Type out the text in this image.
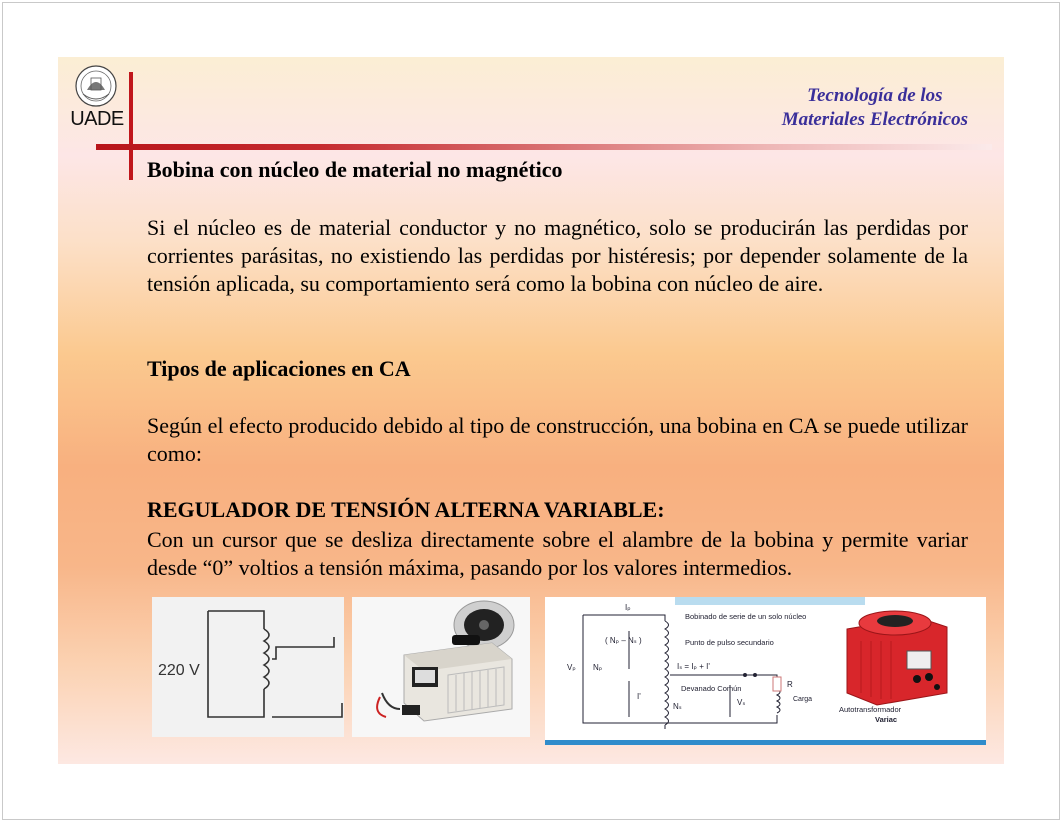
UADE
Tecnología de los
Materiales Electrónicos
Bobina con núcleo de material no magnético
Si el núcleo es de material conductor y no magnético, solo se producirán las perdidas por corrientes parásitas, no existiendo las perdidas por histéresis; por depender solamente de la tensión aplicada, su comportamiento será como la bobina con núcleo de aire.
Tipos de aplicaciones en CA
Según el efecto producido debido al tipo de construcción, una bobina en CA se puede utilizar como:
REGULADOR DE TENSIÓN ALTERNA VARIABLE:
Con un cursor que se desliza directamente sobre el alambre de la bobina y permite variar desde “0” voltios a tensión máxima, pasando por los valores intermedios.
220 V
Iₚ
( Nₚ – Nₛ )
Vₚ Nₚ
Bobinado de serie de un solo núcleo
Punto de pulso secundario
Iₛ = Iₚ + I'
I'
Devanado Común
Vₛ
Nₛ
R
Carga
Autotransformador
Variac
